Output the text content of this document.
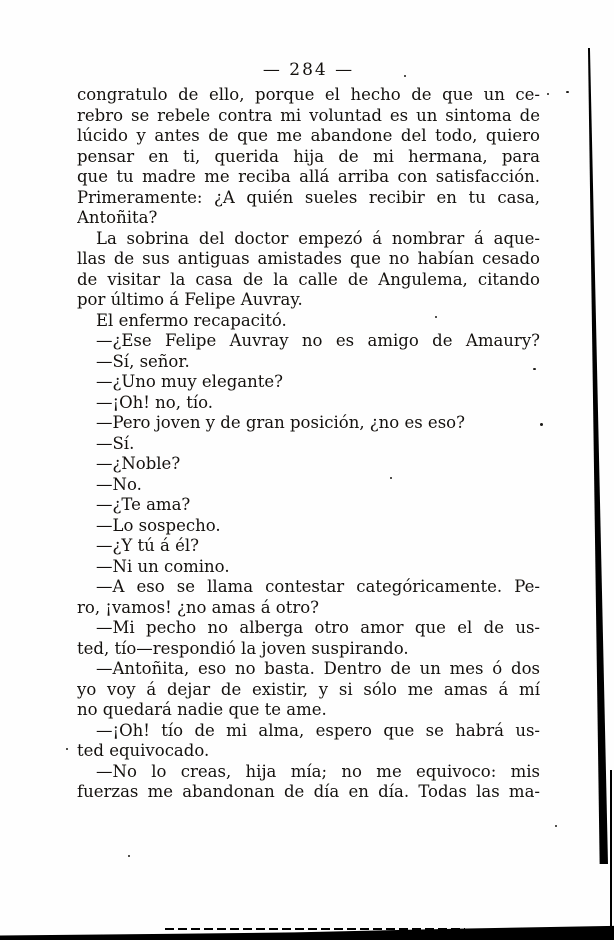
— 284 —
congratulo de ello, porque el hecho de que un ce-
rebro se rebele contra mi voluntad es un sintoma de
lúcido y antes de que me abandone del todo, quiero
pensar en ti, querida hija de mi hermana, para
que tu madre me reciba allá arriba con satisfacción.
Primeramente: ¿A quién sueles recibir en tu casa,
Antoñita?
La sobrina del doctor empezó á nombrar á aque-
llas de sus antiguas amistades que no habían cesado
de visitar la casa de la calle de Angulema, citando
por último á Felipe Auvray.
El enfermo recapacitó.
—¿Ese Felipe Auvray no es amigo de Amaury?
—Sí, señor.
—¿Uno muy elegante?
—¡Oh! no, tío.
—Pero joven y de gran posición, ¿no es eso?
—Sí.
—¿Noble?
—No.
—¿Te ama?
—Lo sospecho.
—¿Y tú á él?
—Ni un comino.
—A eso se llama contestar categóricamente. Pe-
ro, ¡vamos! ¿no amas á otro?
—Mi pecho no alberga otro amor que el de us-
ted, tío—respondió la joven suspirando.
—Antoñita, eso no basta. Dentro de un mes ó dos
yo voy á dejar de existir, y si sólo me amas á mí
no quedará nadie que te ame.
—¡Oh! tío de mi alma, espero que se habrá us-
ted equivocado.
—No lo creas, hija mía; no me equivoco: mis
fuerzas me abandonan de día en día. Todas las ma-
